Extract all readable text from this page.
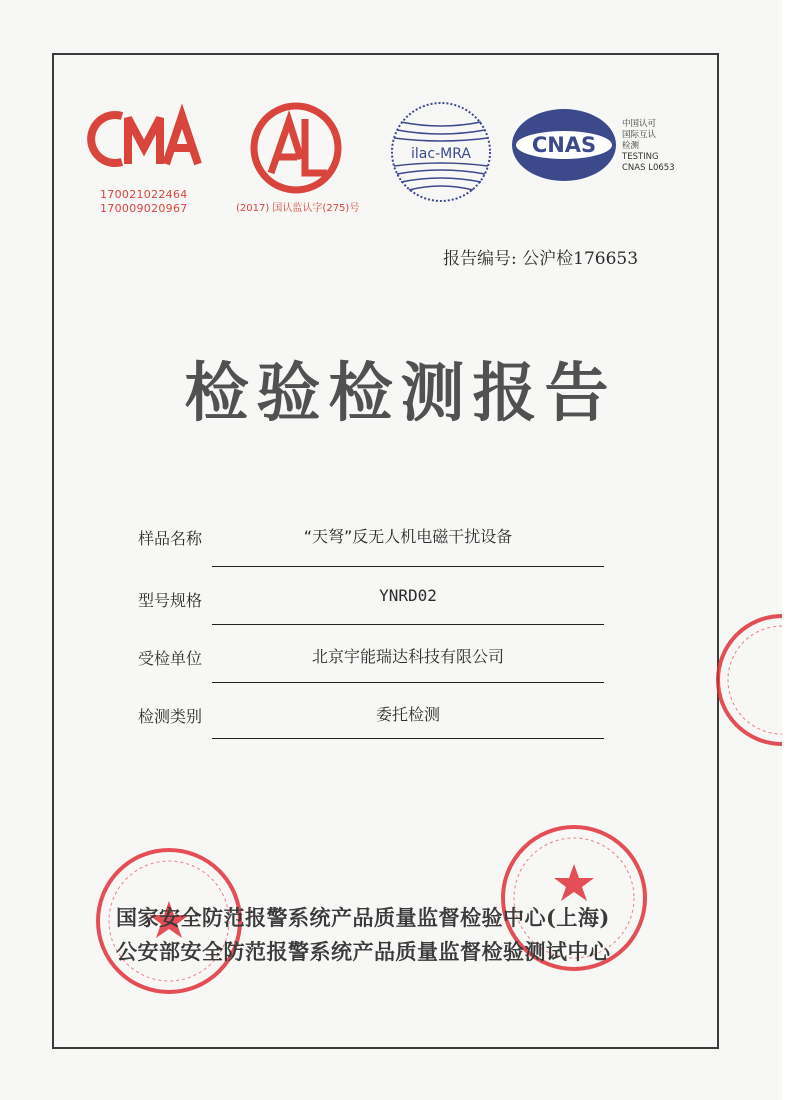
170021022464
170009020967	(2017) 国认监认字(275)号
ilac-MRA	CNAS
中国认可
国际互认
检测
TESTING
CNAS L0653
报告编号: 公沪检176653
检验检测报告
样品名称	“天弩”反无人机电磁干扰设备
型号规格	YNRD02
受检单位	北京宇能瑞达科技有限公司
检测类别	委托检测
国家安全防范报警系统产品质量监督检验中心(上海)
公安部安全防范报警系统产品质量监督检验测试中心
